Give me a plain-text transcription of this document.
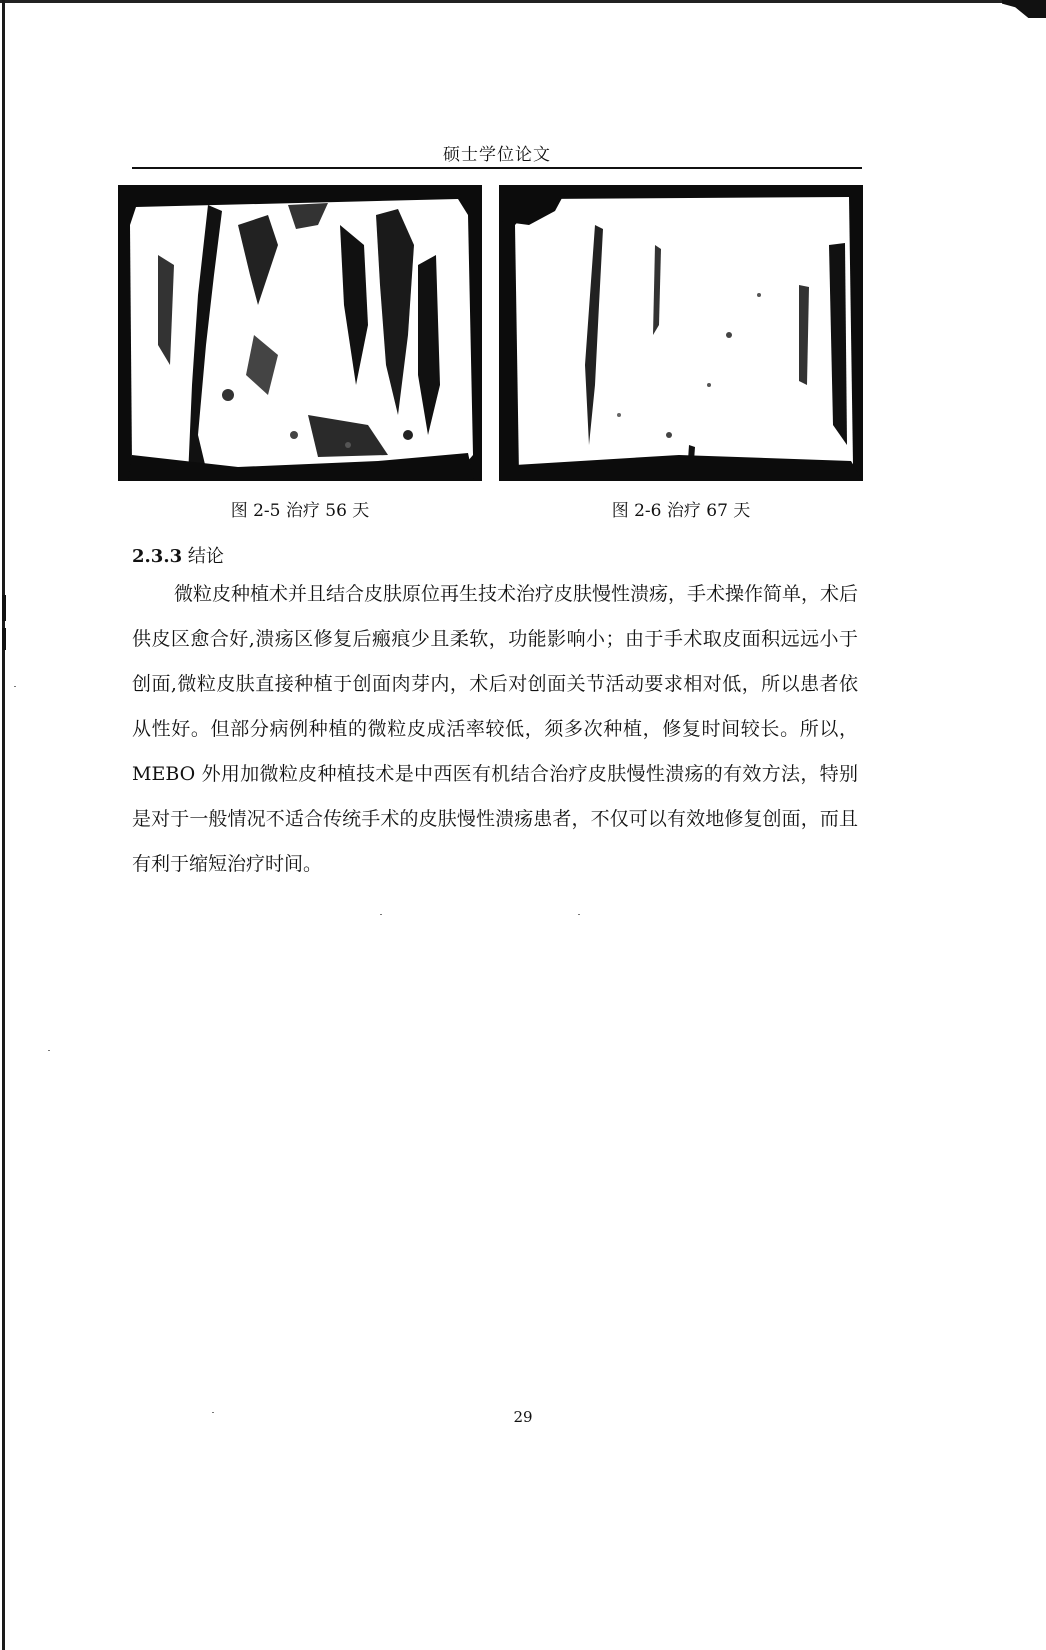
硕士学位论文
图 2-5 治疗 56 天	图 2-6 治疗 67 天
2.3.3 结论

微粒皮种植术并且结合皮肤原位再生技术治疗皮肤慢性溃疡，手术操作简单，术后供皮区愈合好,溃疡区修复后瘢痕少且柔软，功能影响小；由于手术取皮面积远远小于创面,微粒皮肤直接种植于创面肉芽内，术后对创面关节活动要求相对低，所以患者依从性好。但部分病例种植的微粒皮成活率较低，须多次种植，修复时间较长。所以，MEBO 外用加微粒皮种植技术是中西医有机结合治疗皮肤慢性溃疡的有效方法，特别是对于一般情况不适合传统手术的皮肤慢性溃疡患者，不仅可以有效地修复创面，而且有利于缩短治疗时间。

29
